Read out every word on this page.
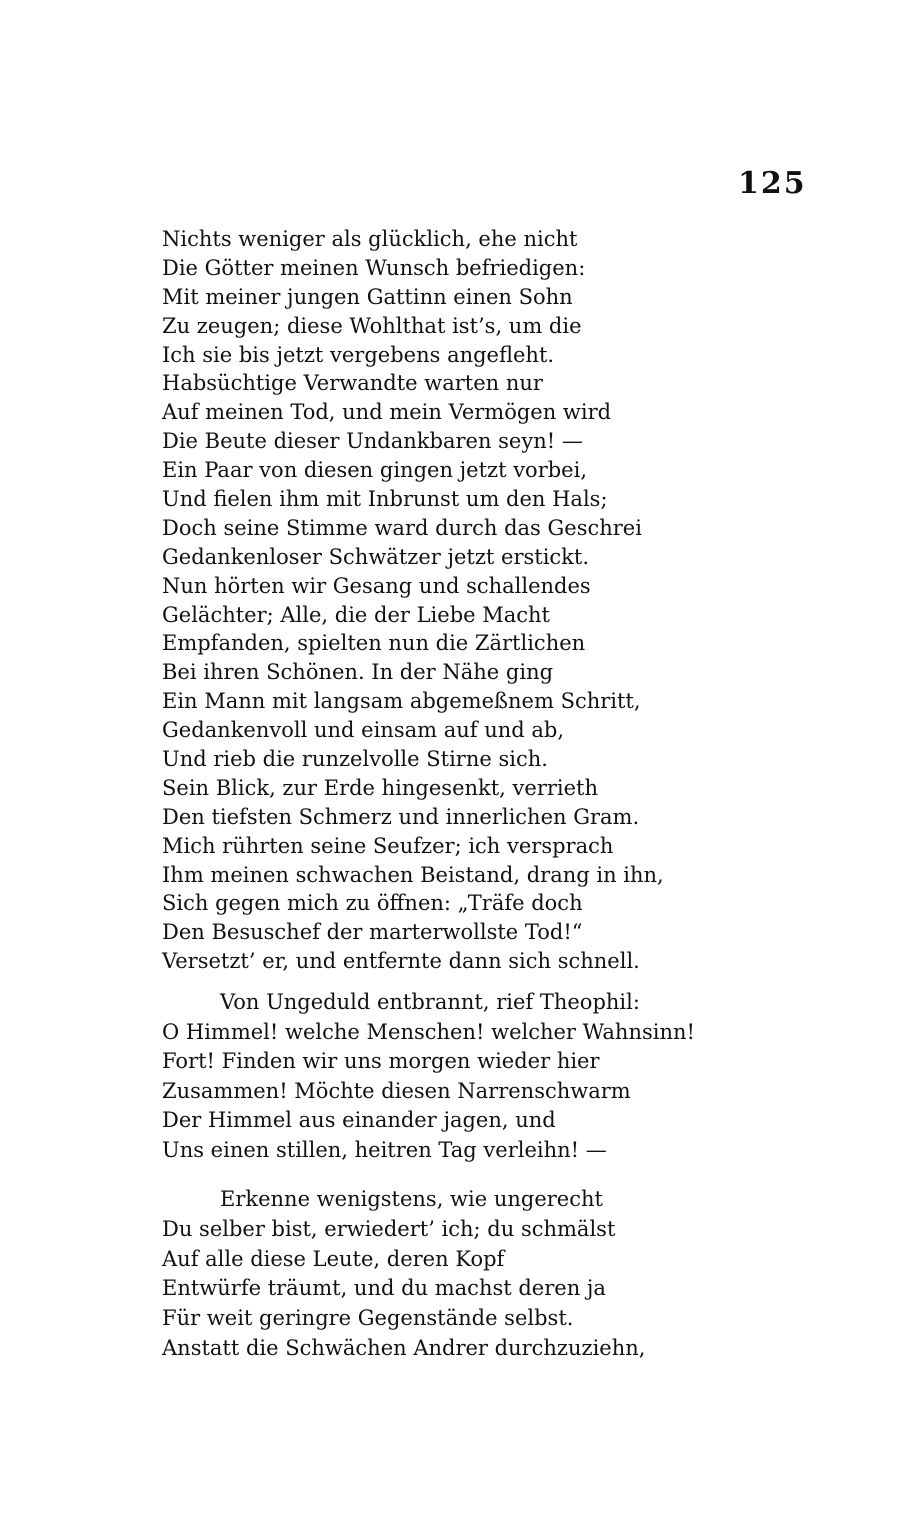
125
Nichts weniger als glücklich, ehe nicht
Die Götter meinen Wunsch befriedigen:
Mit meiner jungen Gattinn einen Sohn
Zu zeugen; diese Wohlthat ist’s, um die
Ich sie bis jetzt vergebens angefleht.
Habsüchtige Verwandte warten nur
Auf meinen Tod, und mein Vermögen wird
Die Beute dieser Undankbaren seyn! —
Ein Paar von diesen gingen jetzt vorbei,
Und fielen ihm mit Inbrunst um den Hals;
Doch seine Stimme ward durch das Geschrei
Gedankenloser Schwätzer jetzt erstickt.
Nun hörten wir Gesang und schallendes
Gelächter; Alle, die der Liebe Macht
Empfanden, spielten nun die Zärtlichen
Bei ihren Schönen. In der Nähe ging
Ein Mann mit langsam abgemeßnem Schritt,
Gedankenvoll und einsam auf und ab,
Und rieb die runzelvolle Stirne sich.
Sein Blick, zur Erde hingesenkt, verrieth
Den tiefsten Schmerz und innerlichen Gram.
Mich rührten seine Seufzer; ich versprach
Ihm meinen schwachen Beistand, drang in ihn,
Sich gegen mich zu öffnen: „Träfe doch
Den Besuschef der marterwollste Tod!“
Versetzt’ er, und entfernte dann sich schnell.
Von Ungeduld entbrannt, rief Theophil:
O Himmel! welche Menschen! welcher Wahnsinn!
Fort! Finden wir uns morgen wieder hier
Zusammen! Möchte diesen Narrenschwarm
Der Himmel aus einander jagen, und
Uns einen stillen, heitren Tag verleihn! —
Erkenne wenigstens, wie ungerecht
Du selber bist, erwiedert’ ich; du schmälst
Auf alle diese Leute, deren Kopf
Entwürfe träumt, und du machst deren ja
Für weit geringre Gegenstände selbst.
Anstatt die Schwächen Andrer durchzuziehn,
